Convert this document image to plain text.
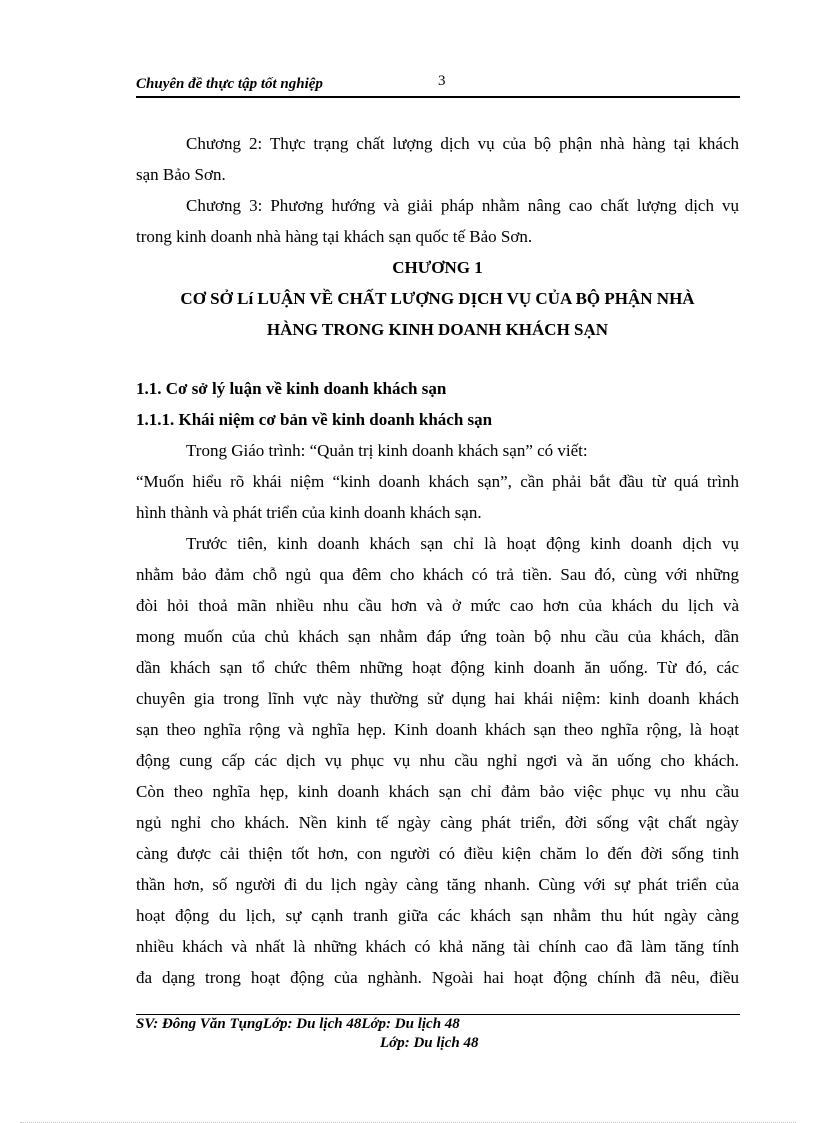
Chuyên đề thực tập tốt nghiệp	3
Chương 2: Thực trạng chất lượng dịch vụ của bộ phận nhà hàng tại khách
sạn Bảo Sơn.
Chương 3: Phương hướng và giải pháp nhằm nâng cao chất lượng dịch vụ
trong kinh doanh nhà hàng tại khách sạn quốc tế Bảo Sơn.
CHƯƠNG 1
CƠ SỞ Lí LUẬN VỀ CHẤT LƯỢNG DỊCH VỤ CỦA BỘ PHẬN NHÀ
HÀNG TRONG KINH DOANH KHÁCH SẠN
1.1. Cơ sở lý luận về kinh doanh khách sạn
1.1.1. Khái niệm cơ bản về kinh doanh khách sạn
Trong Giáo trình: “Quản trị kinh doanh khách sạn” có viết:
“Muốn hiểu rõ khái niệm “kinh doanh khách sạn”, cần phải bắt đầu từ quá trình
hình thành và phát triển của kinh doanh khách sạn.
Trước tiên, kinh doanh khách sạn chỉ là hoạt động kinh doanh dịch vụ
nhằm bảo đảm chỗ ngủ qua đêm cho khách có trả tiền. Sau đó, cùng với những
đòi hỏi thoả mãn nhiều nhu cầu hơn và ở mức cao hơn của khách du lịch và
mong muốn của chủ khách sạn nhằm đáp ứng toàn bộ nhu cầu của khách, dần
dần khách sạn tổ chức thêm những hoạt động kinh doanh ăn uống. Từ đó, các
chuyên gia trong lĩnh vực này thường sử dụng hai khái niệm: kinh doanh khách
sạn theo nghĩa rộng và nghĩa hẹp. Kinh doanh khách sạn theo nghĩa rộng, là hoạt
động cung cấp các dịch vụ phục vụ nhu cầu nghỉ ngơi và ăn uống cho khách.
Còn theo nghĩa hẹp, kinh doanh khách sạn chỉ đảm bảo việc phục vụ nhu cầu
ngủ nghỉ cho khách. Nền kinh tế ngày càng phát triển, đời sống vật chất ngày
càng được cải thiện tốt hơn, con người có điều kiện chăm lo đến đời sống tinh
thần hơn, số người đi du lịch ngày càng tăng nhanh. Cùng với sự phát triển của
hoạt động du lịch, sự cạnh tranh giữa các khách sạn nhằm thu hút ngày càng
nhiều khách và nhất là những khách có khả năng tài chính cao đã làm tăng tính
đa dạng trong hoạt động của nghành. Ngoài hai hoạt động chính đã nêu, điều
SV: Đông Văn TụngLớp: Du lịch 48Lớp: Du lịch 48
Lớp: Du lịch 48
